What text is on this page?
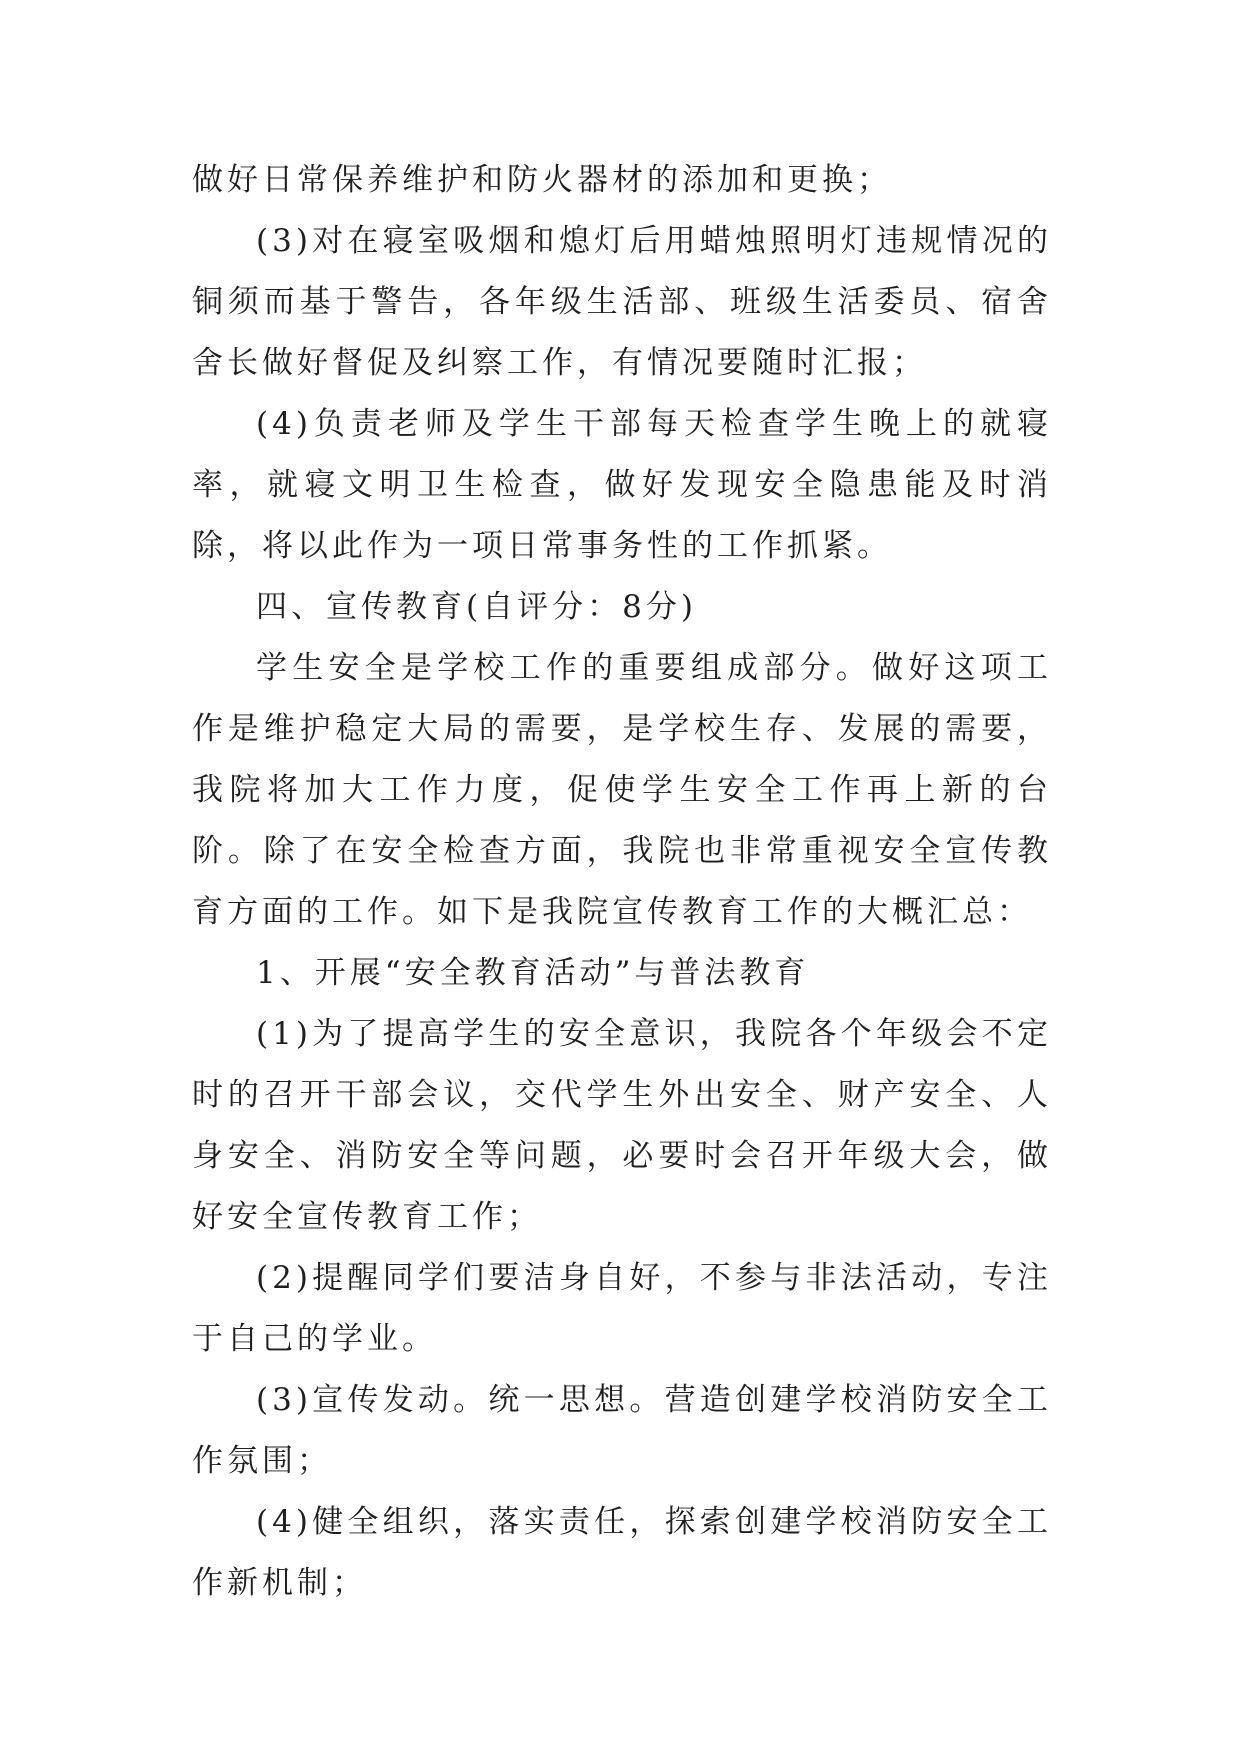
做好日常保养维护和防火器材的添加和更换；

(3)对在寝室吸烟和熄灯后用蜡烛照明灯违规情况的铜须而基于警告，各年级生活部、班级生活委员、宿舍舍长做好督促及纠察工作，有情况要随时汇报；

(4)负责老师及学生干部每天检查学生晚上的就寝率，就寝文明卫生检查，做好发现安全隐患能及时消除，将以此作为一项日常事务性的工作抓紧。

四、宣传教育(自评分：8分)

学生安全是学校工作的重要组成部分。做好这项工作是维护稳定大局的需要，是学校生存、发展的需要，我院将加大工作力度，促使学生安全工作再上新的台阶。除了在安全检查方面，我院也非常重视安全宣传教育方面的工作。如下是我院宣传教育工作的大概汇总：

1、开展“安全教育活动”与普法教育

(1)为了提高学生的安全意识，我院各个年级会不定时的召开干部会议，交代学生外出安全、财产安全、人身安全、消防安全等问题，必要时会召开年级大会，做好安全宣传教育工作；

(2)提醒同学们要洁身自好，不参与非法活动，专注于自己的学业。

(3)宣传发动。统一思想。营造创建学校消防安全工作氛围；

(4)健全组织，落实责任，探索创建学校消防安全工作新机制；
